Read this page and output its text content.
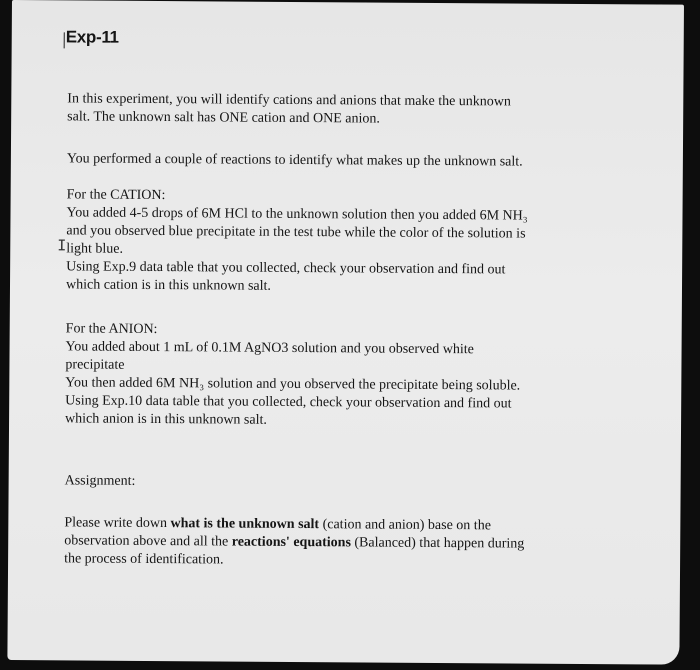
Exp-11
I
In this experiment, you will identify cations and anions that make the unknown
salt. The unknown salt has ONE cation and ONE anion.
You performed a couple of reactions to identify what makes up the unknown salt.
For the CATION:
You added 4-5 drops of 6M HCl to the unknown solution then you added 6M NH₃
and you observed blue precipitate in the test tube while the color of the solution is
light blue.
Using Exp.9 data table that you collected, check your observation and find out
which cation is in this unknown salt.
For the ANION:
You added about 1 mL of 0.1M AgNO3 solution and you observed white
precipitate
You then added 6M NH₃ solution and you observed the precipitate being soluble.
Using Exp.10 data table that you collected, check your observation and find out
which anion is in this unknown salt.
Assignment:
Please write down what is the unknown salt (cation and anion) base on the
observation above and all the reactions' equations (Balanced) that happen during
the process of identification.
